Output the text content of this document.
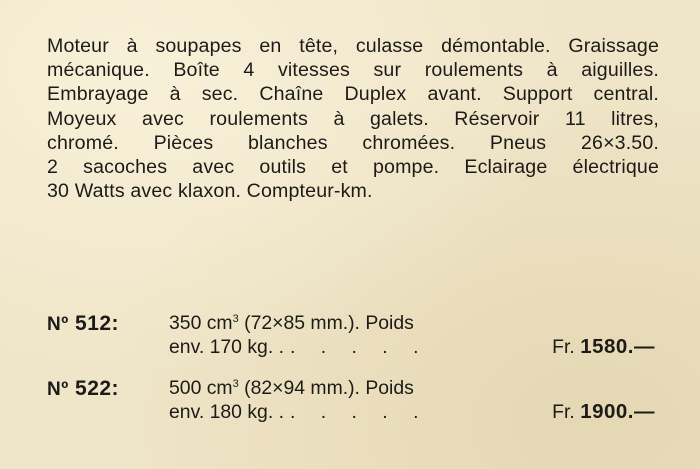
Moteur à soupapes en tête, culasse démontable. Graissage
mécanique. Boîte 4 vitesses sur roulements à aiguilles.
Embrayage à sec. Chaîne Duplex avant. Support central.
Moyeux avec roulements à galets. Réservoir 11 litres,
chromé. Pièces blanches chromées. Pneus 26×3.50.
2 sacoches avec outils et pompe. Eclairage électrique
30 Watts avec klaxon. Compteur-km.
Nº 512:	350 $cm^3$ (72×85 mm.). Poids
env. 170 kg. . . . . . .	Fr. 1580.—
Nº 522:	500 $cm^3$ (82×94 mm.). Poids
env. 180 kg. . . . . . .	Fr. 1900.—
